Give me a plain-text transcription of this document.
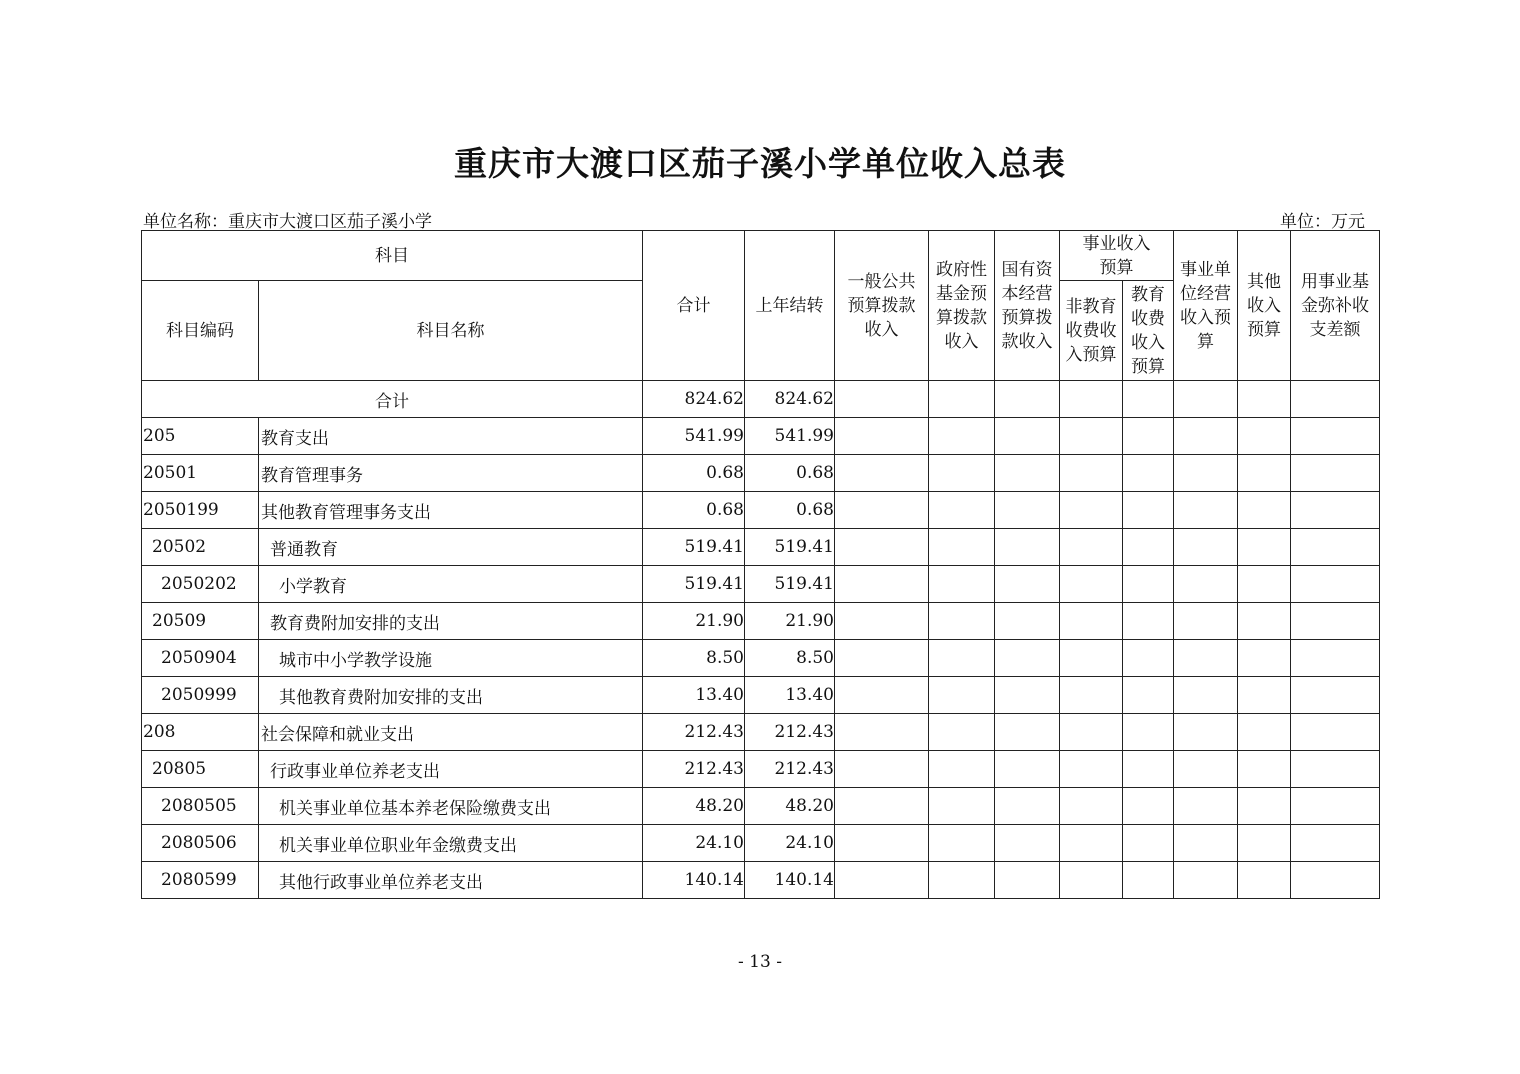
重庆市大渡口区茄子溪小学单位收入总表
单位名称：重庆市大渡口区茄子溪小学	单位：万元
科目		合计	上年结转	一般公共预算拨款收入	政府性基金预算拨款收入	国有资本经营预算拨款收入	事业收入预算		事业单位经营收入预算	其他收入预算	用事业基金弥补收支差额

科目编码	科目名称						非教育收费收入预算	教育收费收入预算			

合计		824.62	824.62								
205	教育支出	541.99	541.99								
20501	教育管理事务	0.68	0.68								
2050199	其他教育管理事务支出	0.68	0.68								
20502	普通教育	519.41	519.41								
2050202	小学教育	519.41	519.41								
20509	教育费附加安排的支出	21.90	21.90								
2050904	城市中小学教学设施	8.50	8.50								
2050999	其他教育费附加安排的支出	13.40	13.40								
208	社会保障和就业支出	212.43	212.43								
20805	行政事业单位养老支出	212.43	212.43								
2080505	机关事业单位基本养老保险缴费支出	48.20	48.20								
2080506	机关事业单位职业年金缴费支出	24.10	24.10								
2080599	其他行政事业单位养老支出	140.14	140.14								
- 13 -
